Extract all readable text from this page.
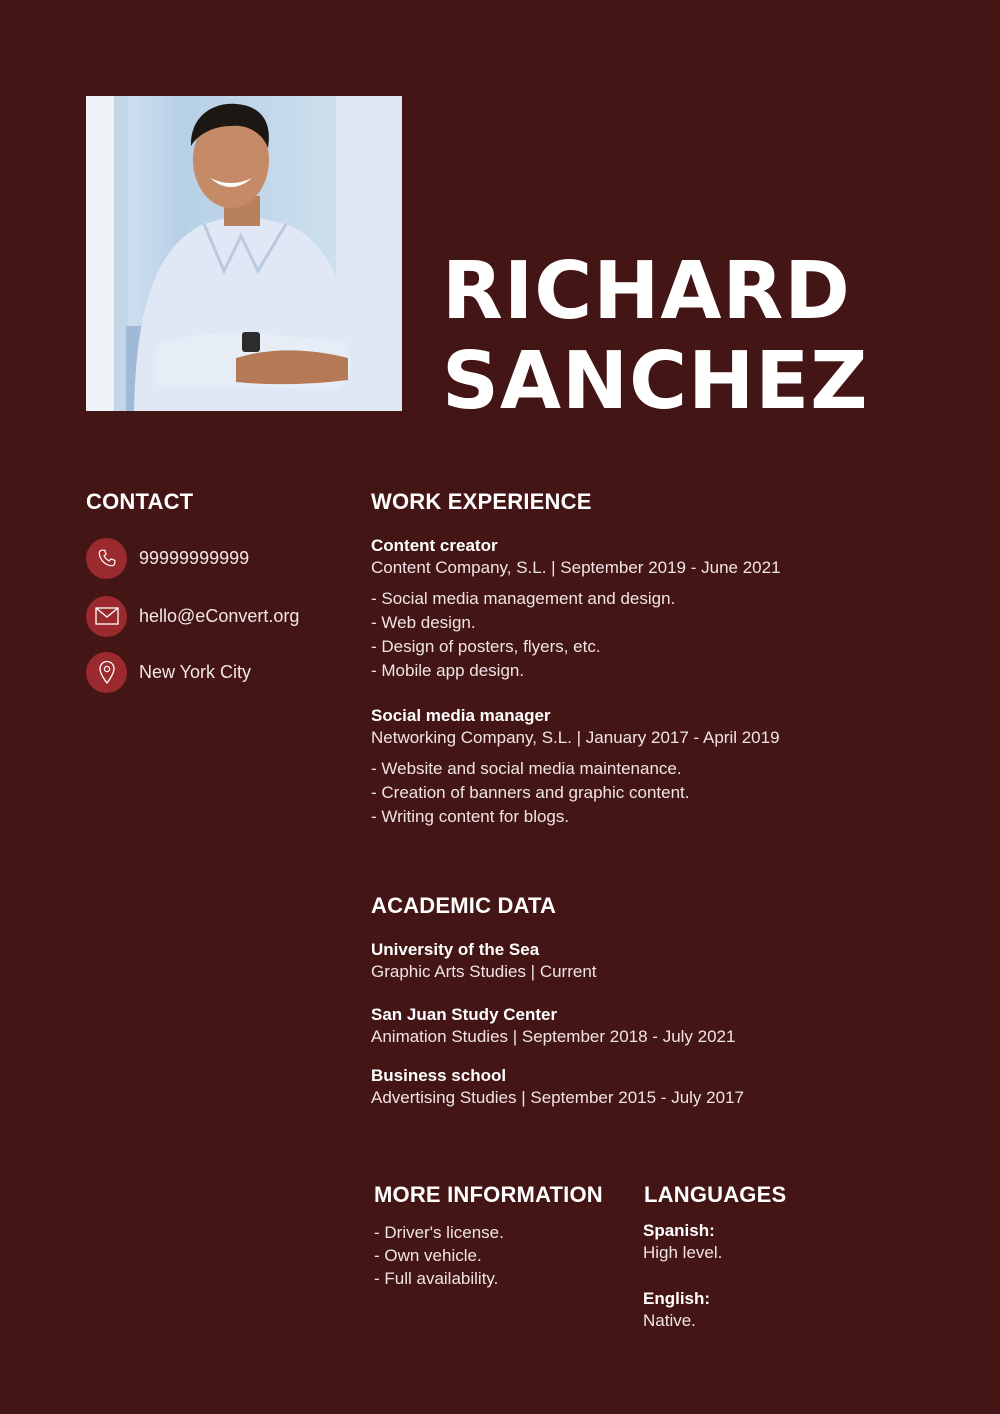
RICHARD
SANCHEZ
CONTACT
99999999999
hello@eConvert.org
New York City
WORK EXPERIENCE
Content creator
Content Company, S.L. | September 2019 - June 2021
- Social media management and design.
- Web design.
- Design of posters, flyers, etc.
- Mobile app design.
Social media manager
Networking Company, S.L. | January 2017 - April 2019
- Website and social media maintenance.
- Creation of banners and graphic content.
- Writing content for blogs.
ACADEMIC DATA
University of the Sea
Graphic Arts Studies | Current
San Juan Study Center
Animation Studies | September 2018 - July 2021
Business school
Advertising Studies | September 2015 - July 2017
MORE INFORMATION
- Driver's license.
- Own vehicle.
- Full availability.
LANGUAGES
Spanish:
High level.
English:
Native.
